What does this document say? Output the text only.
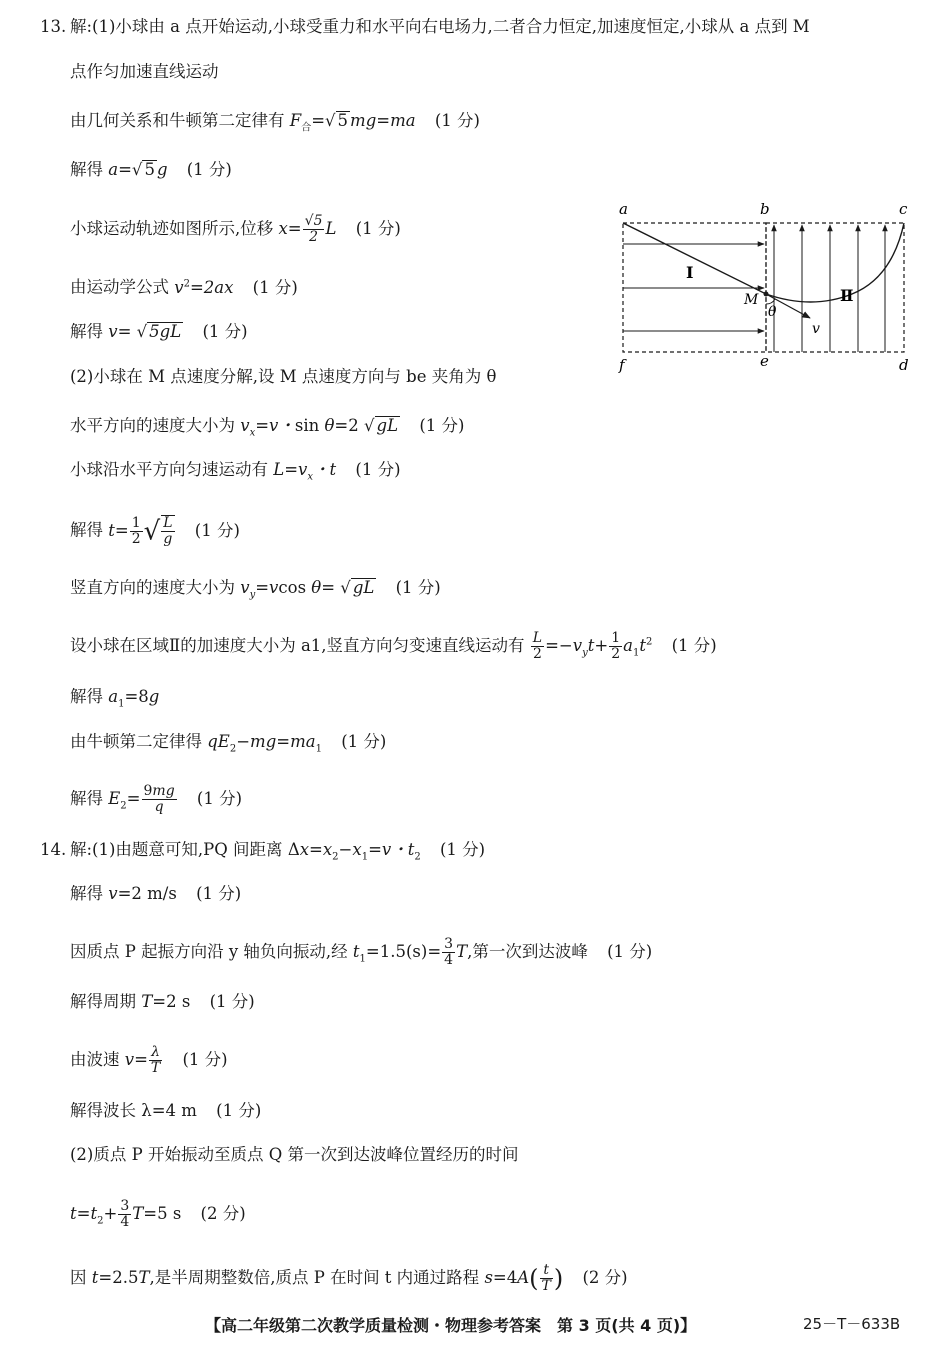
13. 解:(1)小球由 a 点开始运动,小球受重力和水平向右电场力,二者合力恒定,加速度恒定,小球从 a 点到 M
点作匀加速直线运动
由几何关系和牛顿第二定律有 $F_合=√$ 5 mg=ma (1 分)
解得 a=√ 5 g (1 分)
小球运动轨迹如图所示,位移 $x= \frac{√5}{2}$ L (1 分)
由运动学公式 $v^2=2ax$ (1 分)
解得 v= √ 5gL (1 分)
(2)小球在 M 点速度分解,设 M 点速度方向与 be 夹角为 θ
水平方向的速度大小为 $v_x=v$・sin θ=2 √ gL (1 分)
小球沿水平方向匀速运动有 $L=v_x$・t (1 分)
解得 $t= \frac{1}{2}$ √ $\frac{L}{g} (1$ 分)
竖直方向的速度大小为 $v_y=vcos$ θ= √ gL (1 分)
设小球在区域Ⅱ的加速度大小为 a1,竖直方向匀变速直线运动有 $\frac{L}{2} =-v_yt+ \frac{1}{2} a_1t^2$ (1 分)
解得 $a_1=8g$
由牛顿第二定律得 $qE_2-mg=ma_1$ (1 分)
解得 $E_2= \frac{9mg}{q} (1$ 分)
14. 解:(1)由题意可知,PQ 间距离 $\Delta x=x_2-x_1=v$・$t_2$ (1 分)
解得 v=2 m/s (1 分)
因质点 P 起振方向沿 y 轴负向振动,经 $t_1=1.5(s)= \frac{3}{4} T$,第一次到达波峰 (1 分)
解得周期 T=2 s (1 分)
由波速 $v= \frac{\lambda}{T} (1$ 分)
解得波长 λ=4 m (1 分)
(2)质点 P 开始振动至质点 Q 第一次到达波峰位置经历的时间
$t=t_2+ \frac{3}{4} T=5$ s (2 分)
因 t=2.5T,是半周期整数倍,质点 P 在时间 t 内通过路程 $s=4A( \frac{t}{T}$ ) (2 分)
【高二年级第二次教学质量检测・物理参考答案　第 3 页(共 4 页)】	25－T－633B
a	b	c
d
e
f
M
θ
v
Ⅰ
Ⅱ
